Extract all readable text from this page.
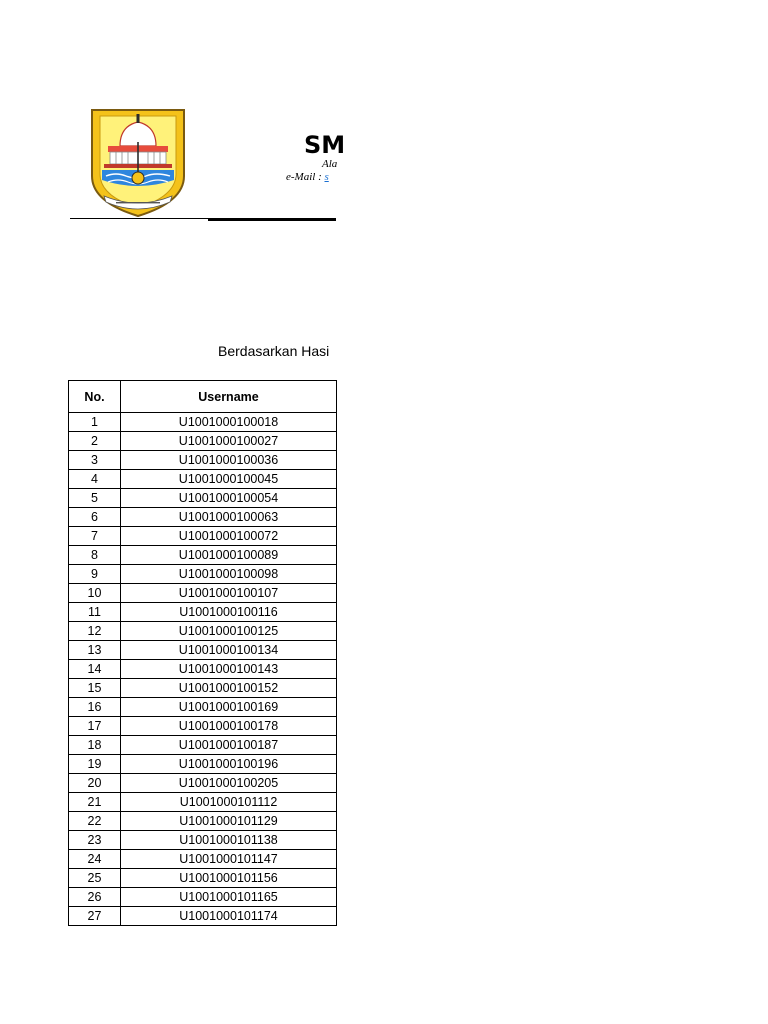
SM
Ala
e-Mail : s
Berdasarkan Hasi
No.	Username
1	U1001000100018
2	U1001000100027
3	U1001000100036
4	U1001000100045
5	U1001000100054
6	U1001000100063
7	U1001000100072
8	U1001000100089
9	U1001000100098
10	U1001000100107
11	U1001000100116
12	U1001000100125
13	U1001000100134
14	U1001000100143
15	U1001000100152
16	U1001000100169
17	U1001000100178
18	U1001000100187
19	U1001000100196
20	U1001000100205
21	U1001000101112
22	U1001000101129
23	U1001000101138
24	U1001000101147
25	U1001000101156
26	U1001000101165
27	U1001000101174
